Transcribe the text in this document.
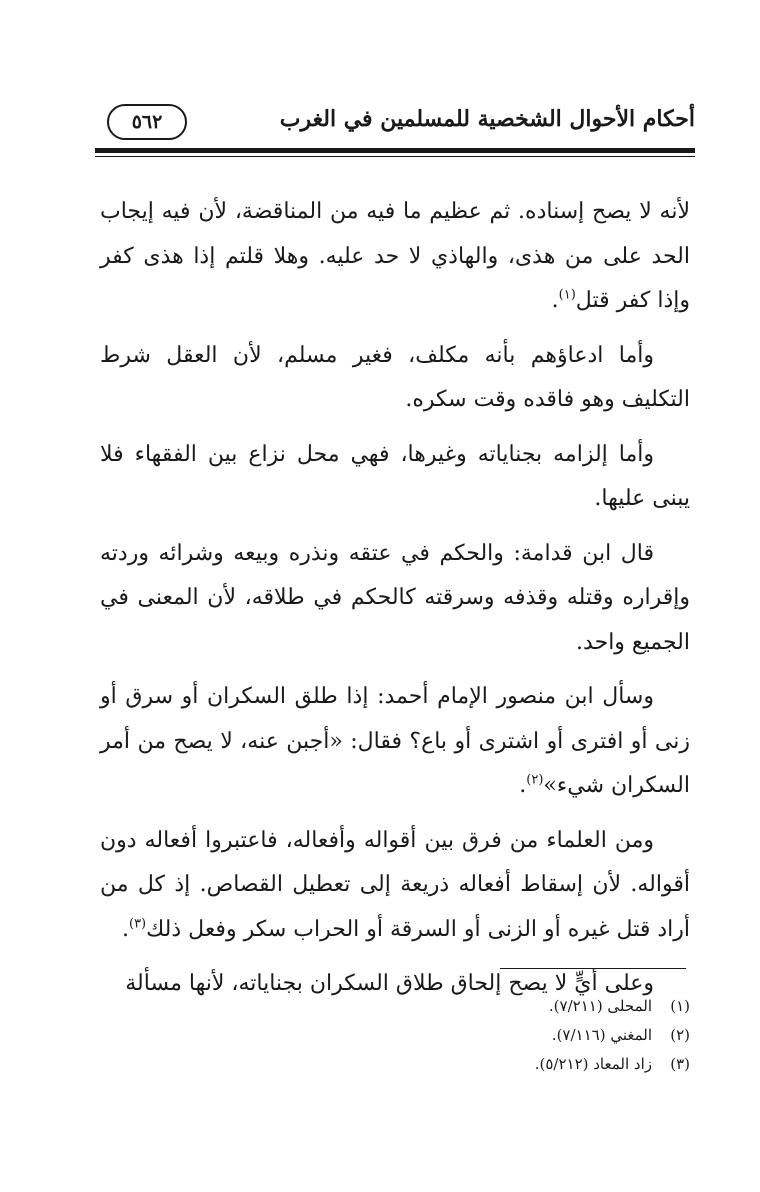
أحكام الأحوال الشخصية للمسلمين في الغرب
٥٦٢

لأنه لا يصح إسناده. ثم عظيم ما فيه من المناقضة، لأن فيه إيجاب الحد على من هذى، والهاذي لا حد عليه. وهلا قلتم إذا هذى كفر وإذا كفر قتل$^{(١)}$.

وأما ادعاؤهم بأنه مكلف، فغير مسلم، لأن العقل شرط التكليف وهو فاقده وقت سكره.

وأما إلزامه بجناياته وغيرها، فهي محل نزاع بين الفقهاء فلا يبنى عليها.

قال ابن قدامة: والحكم في عتقه ونذره وبيعه وشرائه وردته وإقراره وقتله وقذفه وسرقته كالحكم في طلاقه، لأن المعنى في الجميع واحد.

وسأل ابن منصور الإمام أحمد: إذا طلق السكران أو سرق أو زنى أو افترى أو اشترى أو باع؟ فقال: «أجبن عنه، لا يصح من أمر السكران شيء»$^{(٢)}$.

ومن العلماء من فرق بين أقواله وأفعاله، فاعتبروا أفعاله دون أقواله. لأن إسقاط أفعاله ذريعة إلى تعطيل القصاص. إذ كل من أراد قتل غيره أو الزنى أو السرقة أو الحراب سكر وفعل ذلك$^{(٣)}$.

وعلى أيٍّ لا يصح إلحاق طلاق السكران بجناياته، لأنها مسألة

(١)
المحلى (٧/٢١١).
(٢)
المغني (٧/١١٦).
(٣)
زاد المعاد (٥/٢١٢).
